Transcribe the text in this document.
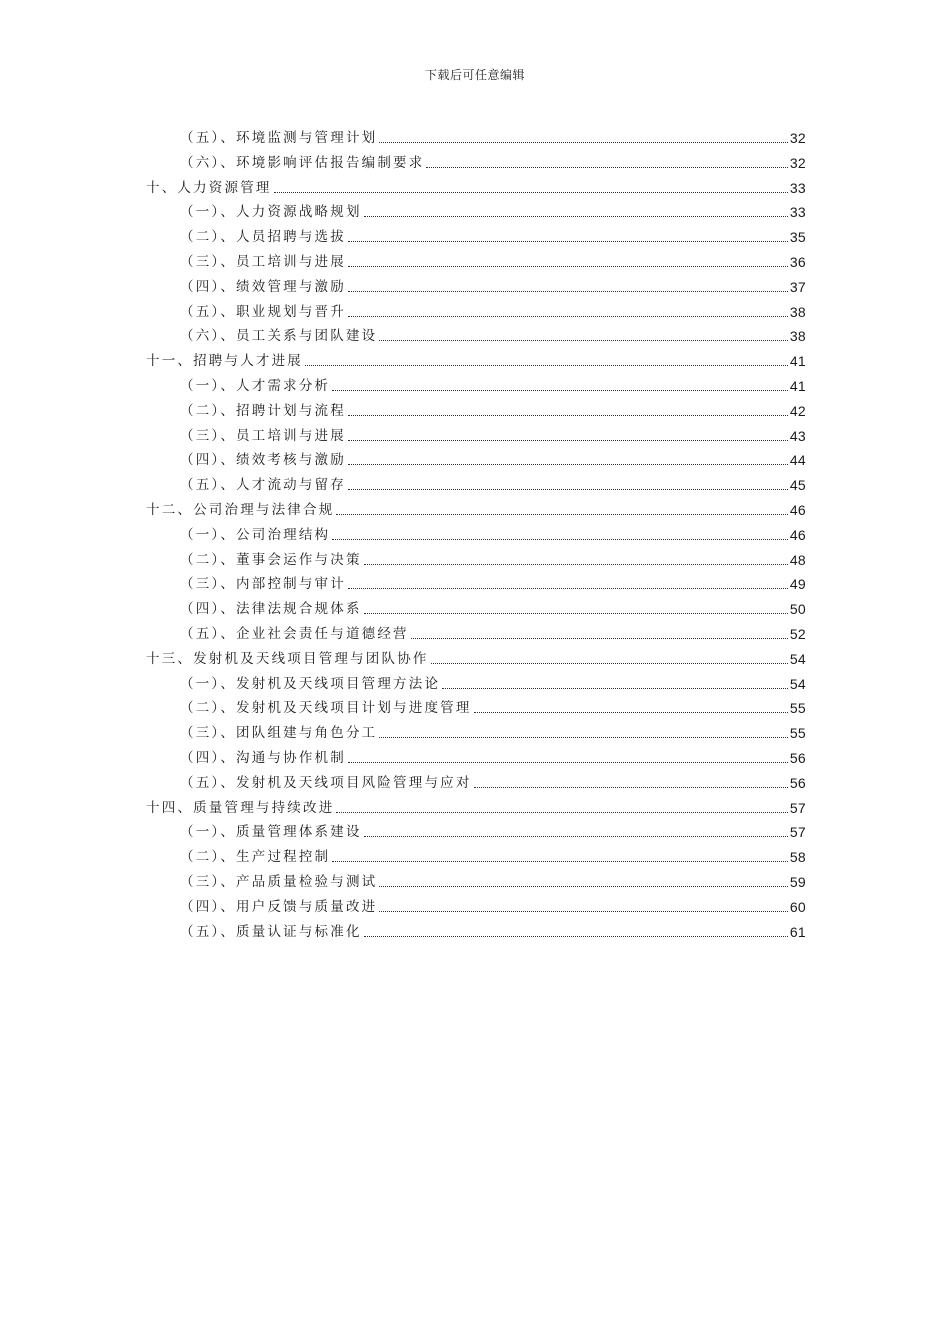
下载后可任意编辑
（五）、环境监测与管理计划	32
（六）、环境影响评估报告编制要求	32
十、人力资源管理	33
（一）、人力资源战略规划	33
（二）、人员招聘与选拔	35
（三）、员工培训与进展	36
（四）、绩效管理与激励	37
（五）、职业规划与晋升	38
（六）、员工关系与团队建设	38
十一、招聘与人才进展	41
（一）、人才需求分析	41
（二）、招聘计划与流程	42
（三）、员工培训与进展	43
（四）、绩效考核与激励	44
（五）、人才流动与留存	45
十二、公司治理与法律合规	46
（一）、公司治理结构	46
（二）、董事会运作与决策	48
（三）、内部控制与审计	49
（四）、法律法规合规体系	50
（五）、企业社会责任与道德经营	52
十三、发射机及天线项目管理与团队协作	54
（一）、发射机及天线项目管理方法论	54
（二）、发射机及天线项目计划与进度管理	55
（三）、团队组建与角色分工	55
（四）、沟通与协作机制	56
（五）、发射机及天线项目风险管理与应对	56
十四、质量管理与持续改进	57
（一）、质量管理体系建设	57
（二）、生产过程控制	58
（三）、产品质量检验与测试	59
（四）、用户反馈与质量改进	60
（五）、质量认证与标准化	61
